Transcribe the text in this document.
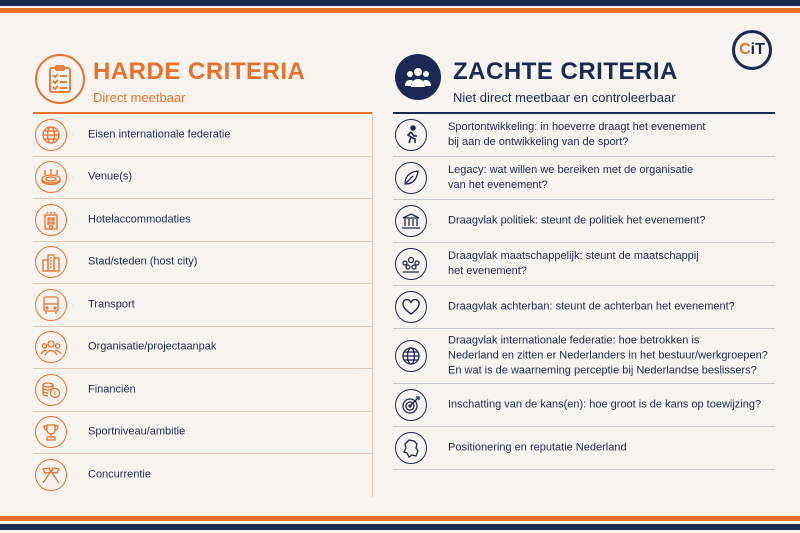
C iT
HARDE CRITERIA
Direct meetbaar
Eisen internationale federatie
Venue(s)
★★★
Hotelaccommodaties
Stad/steden (host city)
Transport
Organisatie/projectaanpak
€	Financiën
Sportniveau/ambitie
Concurrentie
ZACHTE CRITERIA
Niet direct meetbaar en controleerbaar
Sportontwikkeling: in hoeverre draagt het evenement
bij aan de ontwikkeling van de sport?
Legacy: wat willen we bereiken met de organisatie
van het evenement?
Draagvlak politiek: steunt de politiek het evenement?
Draagvlak maatschappelijk: steunt de maatschappij
het evenement?
Draagvlak achterban: steunt de achterban het evenement?
Draagvlak internationale federatie: hoe betrokken is
Nederland en zitten er Nederlanders in het bestuur/werkgroepen?
En wat is de waarneming perceptie bij Nederlandse beslissers?
Inschatting van de kans(en): hoe groot is de kans op toewijzing?
Positionering en reputatie Nederland
